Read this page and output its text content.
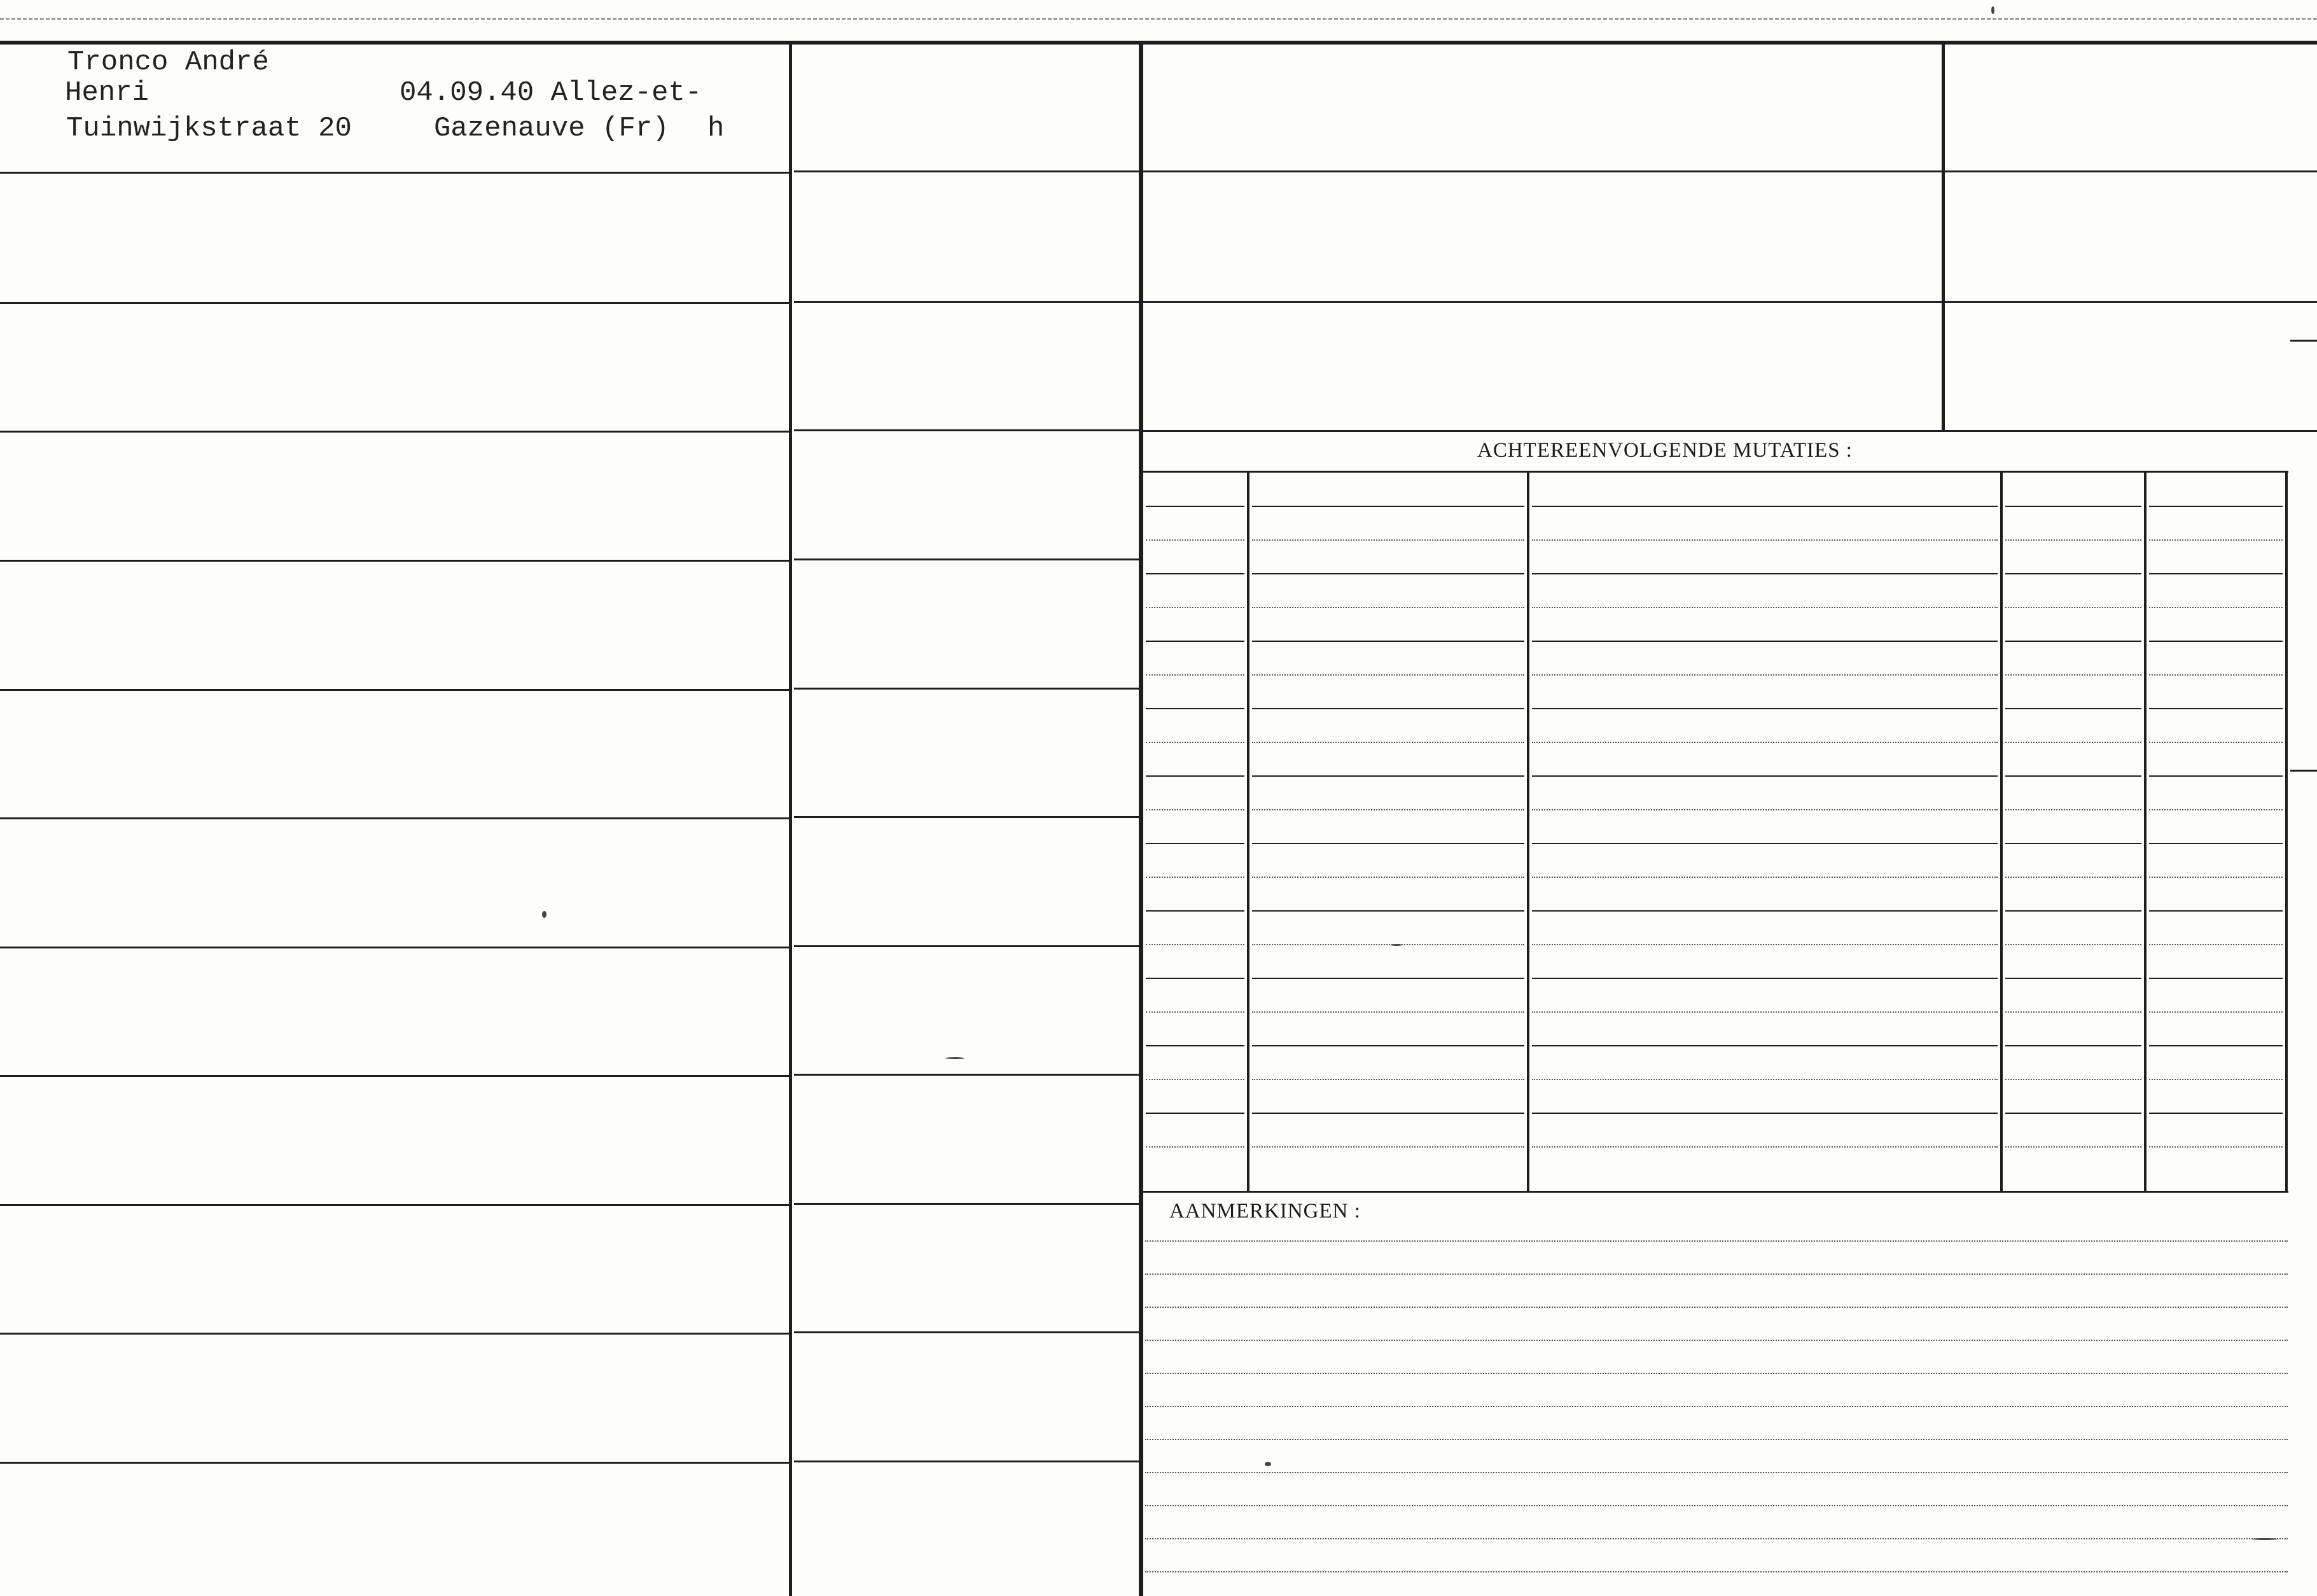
Tronco André
Henri
Tuinwijkstraat 20
04.09.40 Allez-et-
Gazenauve (Fr) h
ACHTEREENVOLGENDE MUTATIES :
AANMERKINGEN :
